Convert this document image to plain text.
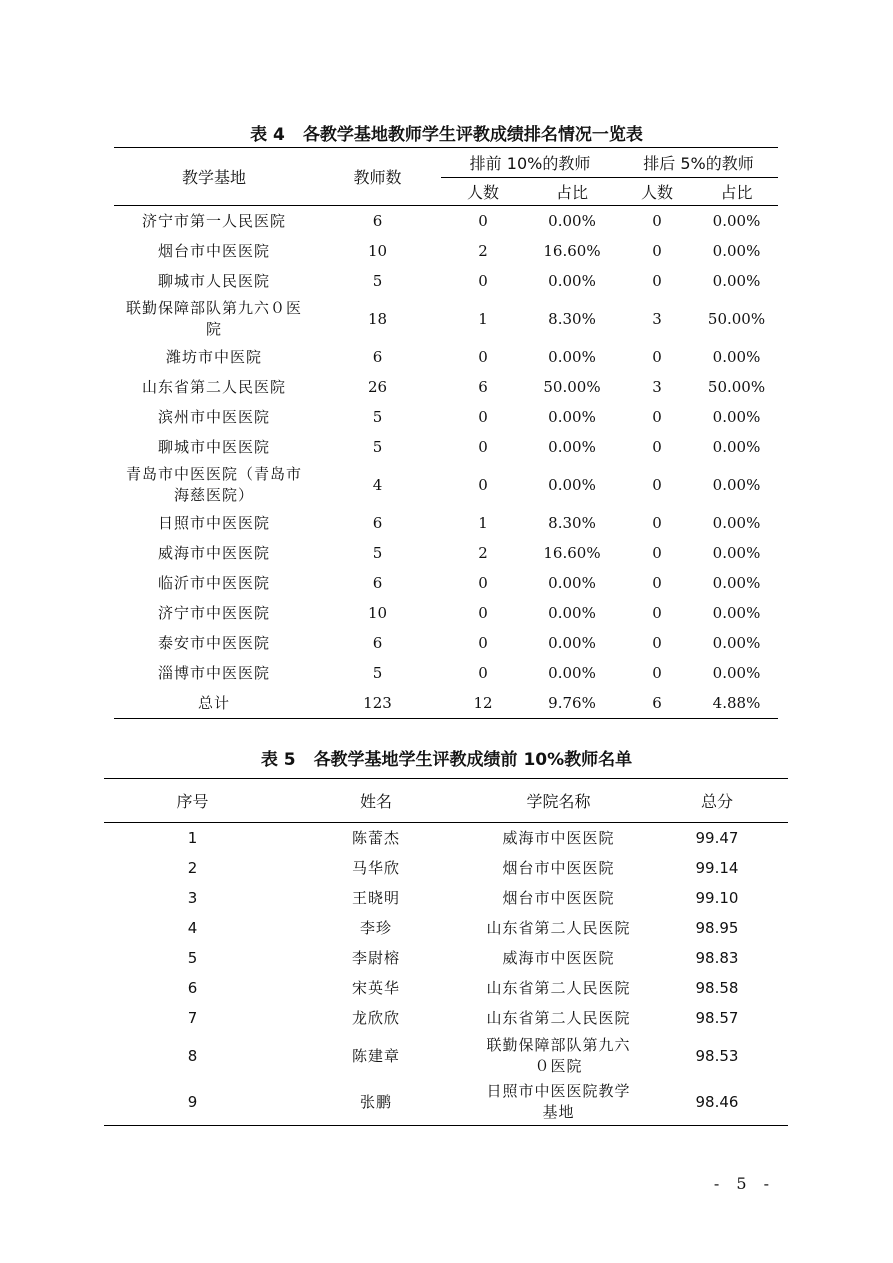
表 4 各教学基地教师学生评教成绩排名情况一览表
教学基地	教师数	排前 10%的教师		排后 5%的教师	
		人数	占比	人数	占比
济宁市第一人民医院	6	0	0.00%	0	0.00%
烟台市中医医院	10	2	16.60%	0	0.00%
聊城市人民医院	5	0	0.00%	0	0.00%
联勤保障部队第九六０医院	18	1	8.30%	3	50.00%
潍坊市中医院	6	0	0.00%	0	0.00%
山东省第二人民医院	26	6	50.00%	3	50.00%
滨州市中医医院	5	0	0.00%	0	0.00%
聊城市中医医院	5	0	0.00%	0	0.00%
青岛市中医医院（青岛市海慈医院）	4	0	0.00%	0	0.00%
日照市中医医院	6	1	8.30%	0	0.00%
威海市中医医院	5	2	16.60%	0	0.00%
临沂市中医医院	6	0	0.00%	0	0.00%
济宁市中医医院	10	0	0.00%	0	0.00%
泰安市中医医院	6	0	0.00%	0	0.00%
淄博市中医医院	5	0	0.00%	0	0.00%
总计	123	12	9.76%	6	4.88%
表 5 各教学基地学生评教成绩前 10%教师名单
序号	姓名	学院名称	总分
1	陈蕾杰	威海市中医医院	99.47
2	马华欣	烟台市中医医院	99.14
3	王晓明	烟台市中医医院	99.10
4	李珍	山东省第二人民医院	98.95
5	李尉榕	威海市中医医院	98.83
6	宋英华	山东省第二人民医院	98.58
7	龙欣欣	山东省第二人民医院	98.57
8	陈建章	联勤保障部队第九六０医院	98.53
9	张鹏	日照市中医医院教学基地	98.46
- 5 -
